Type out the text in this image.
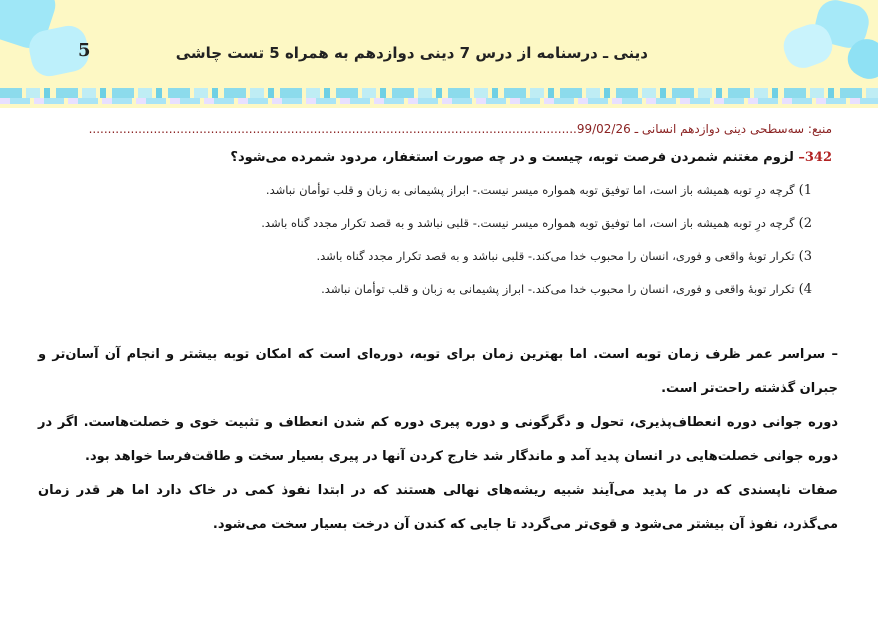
5	دینی ـ درسنامه از درس 7 دینی دوازدهم به همراه 5 تست چاشی
منبع: سه‌سطحی دینی دوازدهم انسانی ـ 99/02/26................................................................................................................................
342– لزوم مغتنم شمردن فرصت توبه، چیست و در چه صورت استغفار، مردود شمرده می‌شود؟
1)گرچه درِ توبه همیشه باز است، اما توفیق توبه همواره میسر نیست.- ابراز پشیمانی به زبان و قلب توأمان نباشد.
2)گرچه درِ توبه همیشه باز است، اما توفیق توبه همواره میسر نیست.- قلبی نباشد و به قصد تکرار مجدد گناه باشد.
3)تکرار توبهٔ واقعی و فوری، انسان را محبوب خدا می‌کند.- قلبی نباشد و به قصد تکرار مجدد گناه باشد.
4)تکرار توبهٔ واقعی و فوری، انسان را محبوب خدا می‌کند.- ابراز پشیمانی به زبان و قلب توأمان نباشد.

– سراسر عمر ظرف زمان توبه است. اما بهترین زمان برای توبه، دوره‌ای است که امکان توبه بیشتر و انجام آن آسان‌تر و جبران گذشته راحت‌تر است.

دوره جوانی دوره انعطاف‌پذیری، تحول و دگرگونی و دوره پیری دوره کم شدن انعطاف و تثبیت خوی و خصلت‌هاست. اگر در دوره جوانی خصلت‌هایی در انسان پدید آمد و ماندگار شد خارج کردن آنها در پیری بسیار سخت و طاقت‌فرسا خواهد بود.

صفات ناپسندی که در ما پدید می‌آیند شبیه ریشه‌های نهالی هستند که در ابتدا نفوذ کمی در خاک دارد اما هر قدر زمان می‌گذرد، نفوذ آن بیشتر می‌شود و قوی‌تر می‌گردد تا جایی که کندن آن درخت بسیار سخت می‌شود.
